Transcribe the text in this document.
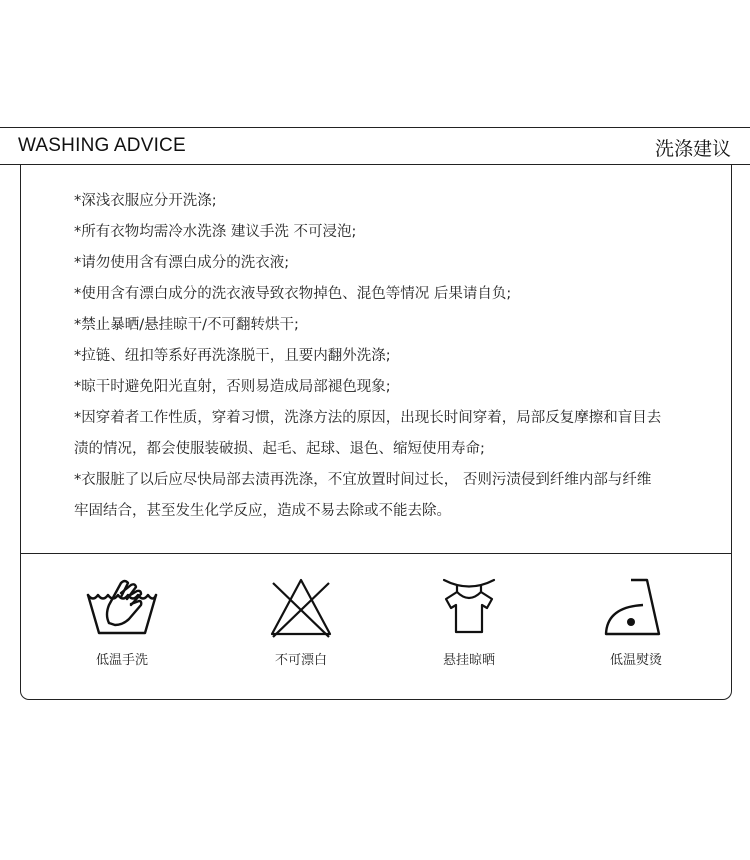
WASHING ADVICE	洗涤建议
*深浅衣服应分开洗涤;
*所有衣物均需冷水洗涤 建议手洗 不可浸泡;
*请勿使用含有漂白成分的洗衣液;
*使用含有漂白成分的洗衣液导致衣物掉色、混色等情况 后果请自负;
*禁止暴晒/悬挂晾干/不可翻转烘干;
*拉链、纽扣等系好再洗涤脱干，且要内翻外洗涤;
*晾干时避免阳光直射，否则易造成局部褪色现象;
*因穿着者工作性质，穿着习惯，洗涤方法的原因，出现长时间穿着，局部反复摩擦和盲目去
渍的情况，都会使服装破损、起毛、起球、退色、缩短使用寿命;
*衣服脏了以后应尽快局部去渍再洗涤，不宜放置时间过长， 否则污渍侵到纤维内部与纤维
牢固结合，甚至发生化学反应，造成不易去除或不能去除。
低温手洗	不可漂白	悬挂晾晒	低温熨烫
